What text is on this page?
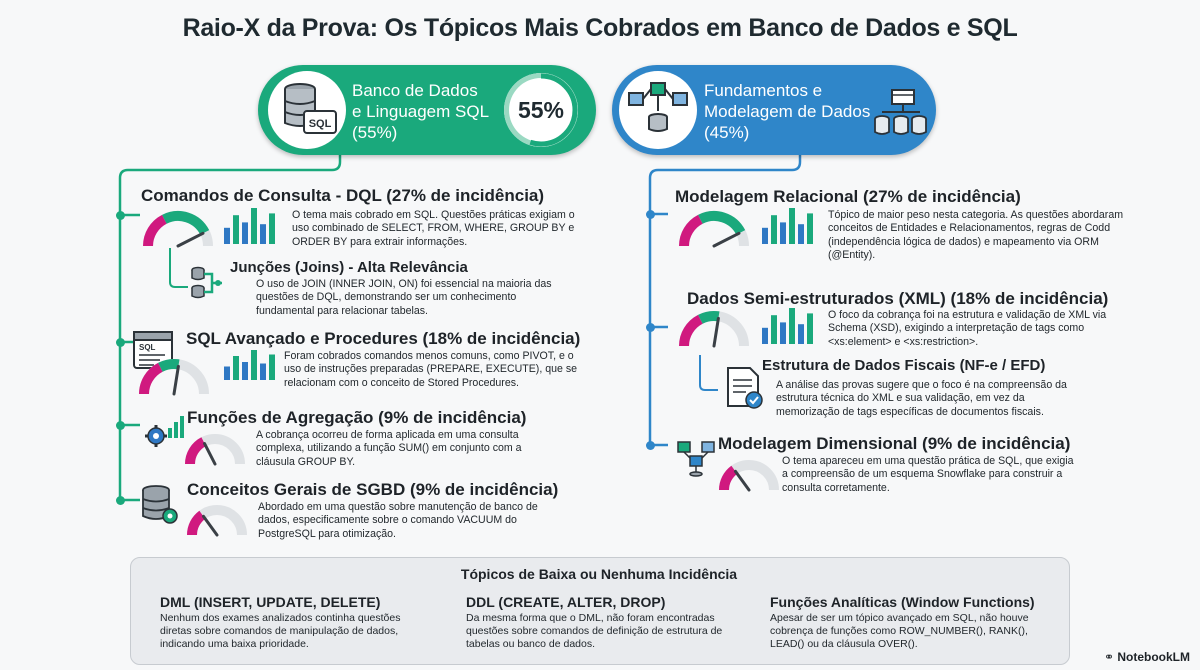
Raio-X da Prova: Os Tópicos Mais Cobrados em Banco de Dados e SQL
SQL
Banco de Dados
e Linguagem SQL
(55%)
55%
Fundamentos e
Modelagem de Dados
(45%)
Comandos de Consulta - DQL (27% de incidência)
O tema mais cobrado em SQL. Questões práticas exigiam o uso combinado de SELECT, FROM, WHERE, GROUP BY e ORDER BY para extrair informações.
Junções (Joins) - Alta Relevância
O uso de JOIN (INNER JOIN, ON) foi essencial na maioria das questões de DQL, demonstrando ser um conhecimento fundamental para relacionar tabelas.
SQL SQL Avançado e Procedures (18% de incidência)
Foram cobrados comandos menos comuns, como PIVOT, e o uso de instruções preparadas (PREPARE, EXECUTE), que se relacionam com o conceito de Stored Procedures.
Funções de Agregação (9% de incidência)
A cobrança ocorreu de forma aplicada em uma consulta complexa, utilizando a função SUM() em conjunto com a cláusula GROUP BY.
Conceitos Gerais de SGBD (9% de incidência)
Abordado em uma questão sobre manutenção de banco de dados, especificamente sobre o comando VACUUM do PostgreSQL para otimização.
Modelagem Relacional (27% de incidência)
Tópico de maior peso nesta categoria. As questões abordaram conceitos de Entidades e Relacionamentos, regras de Codd (independência lógica de dados) e mapeamento via ORM (@Entity).
Dados Semi-estruturados (XML) (18% de incidência)
O foco da cobrança foi na estrutura e validação de XML via Schema (XSD), exigindo a interpretação de tags como <xs:element> e <xs:restriction>.
Estrutura de Dados Fiscais (NF-e / EFD)
A análise das provas sugere que o foco é na compreensão da estrutura técnica do XML e sua validação, em vez da memorização de tags específicas de documentos fiscais.
Modelagem Dimensional (9% de incidência)
O tema apareceu em uma questão prática de SQL, que exigia a compreensão de um esquema Snowflake para construir a consulta corretamente.
Tópicos de Baixa ou Nenhuma Incidência
DML (INSERT, UPDATE, DELETE)
Nenhum dos exames analizados continha questões diretas sobre comandos de manipulação de dados, indicando uma baixa prioridade.
DDL (CREATE, ALTER, DROP)
Da mesma forma que o DML, não foram encontradas questões sobre comandos de definição de estrutura de tabelas ou banco de dados.
Funções Analíticas (Window Functions)
Apesar de ser um tópico avançado em SQL, não houve cobrença de funções como ROW_NUMBER(), RANK(), LEAD() ou da cláusula OVER().
⚭ NotebookLM
